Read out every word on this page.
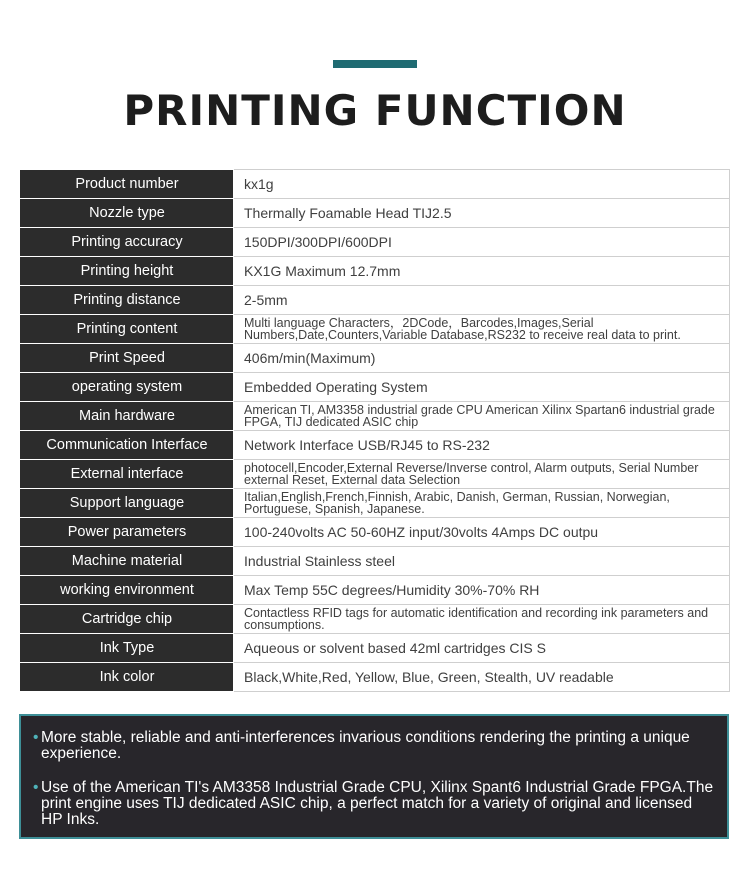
PRINTING FUNCTION
Product number	kx1g
Nozzle type	Thermally Foamable Head TIJ2.5
Printing accuracy	150DPI/300DPI/600DPI
Printing height	KX1G Maximum 12.7mm
Printing distance	2-5mm
Printing content	Multi language Characters，2DCode，Barcodes,Images,Serial Numbers,Date,Counters,Variable Database,RS232 to receive real data to print.
Print Speed	406m/min(Maximum)
operating system	Embedded Operating System
Main hardware	American TI, AM3358 industrial grade CPU American Xilinx Spartan6 industrial grade FPGA, TIJ dedicated ASIC chip
Communication Interface	Network Interface USB/RJ45 to RS-232
External interface	photocell,Encoder,External Reverse/Inverse control, Alarm outputs, Serial Number external Reset, External data Selection
Support language	Italian,English,French,Finnish, Arabic, Danish, German, Russian, Norwegian, Portuguese, Spanish, Japanese.
Power parameters	100-240volts AC 50-60HZ input/30volts 4Amps DC outpu
Machine material	Industrial Stainless steel
working environment	Max Temp 55C degrees/Humidity 30%-70% RH
Cartridge chip	Contactless RFID tags for automatic identification and recording ink parameters and consumptions.
Ink Type	Aqueous or solvent based 42ml cartridges CIS S
Ink color	Black,White,Red, Yellow, Blue, Green, Stealth, UV readable
• More stable, reliable and anti-interferences invarious conditions rendering the printing a unique experience.
• Use of the American TI's AM3358 Industrial Grade CPU, Xilinx Spant6 Industrial Grade FPGA.The print engine uses TIJ dedicated ASIC chip, a perfect match for a variety of original and licensed HP Inks.
